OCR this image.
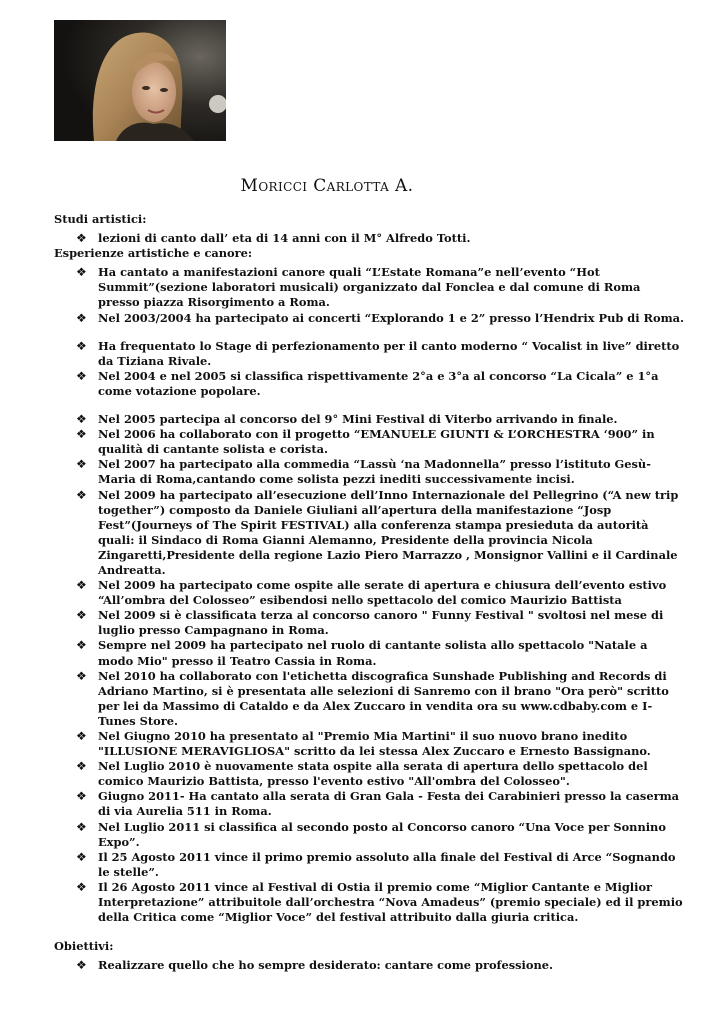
Moricci Carlotta A.
Studi artistici:
❖ lezioni di canto dall’ eta di 14 anni con il M° Alfredo Totti.
Esperienze artistiche e canore:
❖ Ha cantato a manifestazioni canore quali “L’Estate Romana”e nell’evento “Hot Summit”(sezione laboratori musicali) organizzato dal Fonclea e dal comune di Roma presso piazza Risorgimento a Roma.
❖ Nel 2003/2004 ha partecipato ai concerti “Explorando 1 e 2” presso l’Hendrix Pub di Roma.
❖ Ha frequentato lo Stage di perfezionamento per il canto moderno “ Vocalist in live” diretto da Tiziana Rivale.
❖ Nel 2004 e nel 2005 si classifica rispettivamente 2°a e 3°a al concorso “La Cicala” e 1°a come votazione popolare.
❖ Nel 2005 partecipa al concorso del 9° Mini Festival di Viterbo arrivando in finale.
❖ Nel 2006 ha collaborato con il progetto “EMANUELE GIUNTI & L’ORCHESTRA ‘900” in qualità di cantante solista e corista.
❖ Nel 2007 ha partecipato alla commedia “Lassù ‘na Madonnella” presso l’istituto Gesù-Maria di Roma,cantando come solista pezzi inediti successivamente incisi.
❖ Nel 2009 ha partecipato all’esecuzione dell’Inno Internazionale del Pellegrino (“A new trip together”) composto da Daniele Giuliani all’apertura della manifestazione “Josp Fest”(Journeys of The Spirit FESTIVAL) alla conferenza stampa presieduta da autorità quali: il Sindaco di Roma Gianni Alemanno, Presidente della provincia Nicola Zingaretti,Presidente della regione Lazio Piero Marrazzo , Monsignor Vallini e il Cardinale Andreatta.
❖ Nel 2009 ha partecipato come ospite alle serate di apertura e chiusura dell’evento estivo “All’ombra del Colosseo” esibendosi nello spettacolo del comico Maurizio Battista
❖ Nel 2009 si è classificata terza al concorso canoro " Funny Festival " svoltosi nel mese di luglio presso Campagnano in Roma.
❖ Sempre nel 2009 ha partecipato nel ruolo di cantante solista allo spettacolo "Natale a modo Mio" presso il Teatro Cassia in Roma.
❖ Nel 2010 ha collaborato con l'etichetta discografica Sunshade Publishing and Records di Adriano Martino, si è presentata alle selezioni di Sanremo con il brano "Ora però" scritto per lei da Massimo di Cataldo e da Alex Zuccaro in vendita ora su www.cdbaby.com e I-Tunes Store.
❖ Nel Giugno 2010 ha presentato al "Premio Mia Martini" il suo nuovo brano inedito "ILLUSIONE MERAVIGLIOSA" scritto da lei stessa Alex Zuccaro e Ernesto Bassignano.
❖ Nel Luglio 2010 è nuovamente stata ospite alla serata di apertura dello spettacolo del comico Maurizio Battista, presso l'evento estivo "All'ombra del Colosseo".
❖ Giugno 2011- Ha cantato alla serata di Gran Gala - Festa dei Carabinieri presso la caserma di via Aurelia 511 in Roma.
❖ Nel Luglio 2011 si classifica al secondo posto al Concorso canoro “Una Voce per Sonnino Expo”.
❖ Il 25 Agosto 2011 vince il primo premio assoluto alla finale del Festival di Arce “Sognando le stelle”.
❖ Il 26 Agosto 2011 vince al Festival di Ostia il premio come “Miglior Cantante e Miglior Interpretazione” attribuitole dall’orchestra “Nova Amadeus” (premio speciale) ed il premio della Critica come “Miglior Voce” del festival attribuito dalla giuria critica.
Obiettivi:
❖ Realizzare quello che ho sempre desiderato: cantare come professione.
